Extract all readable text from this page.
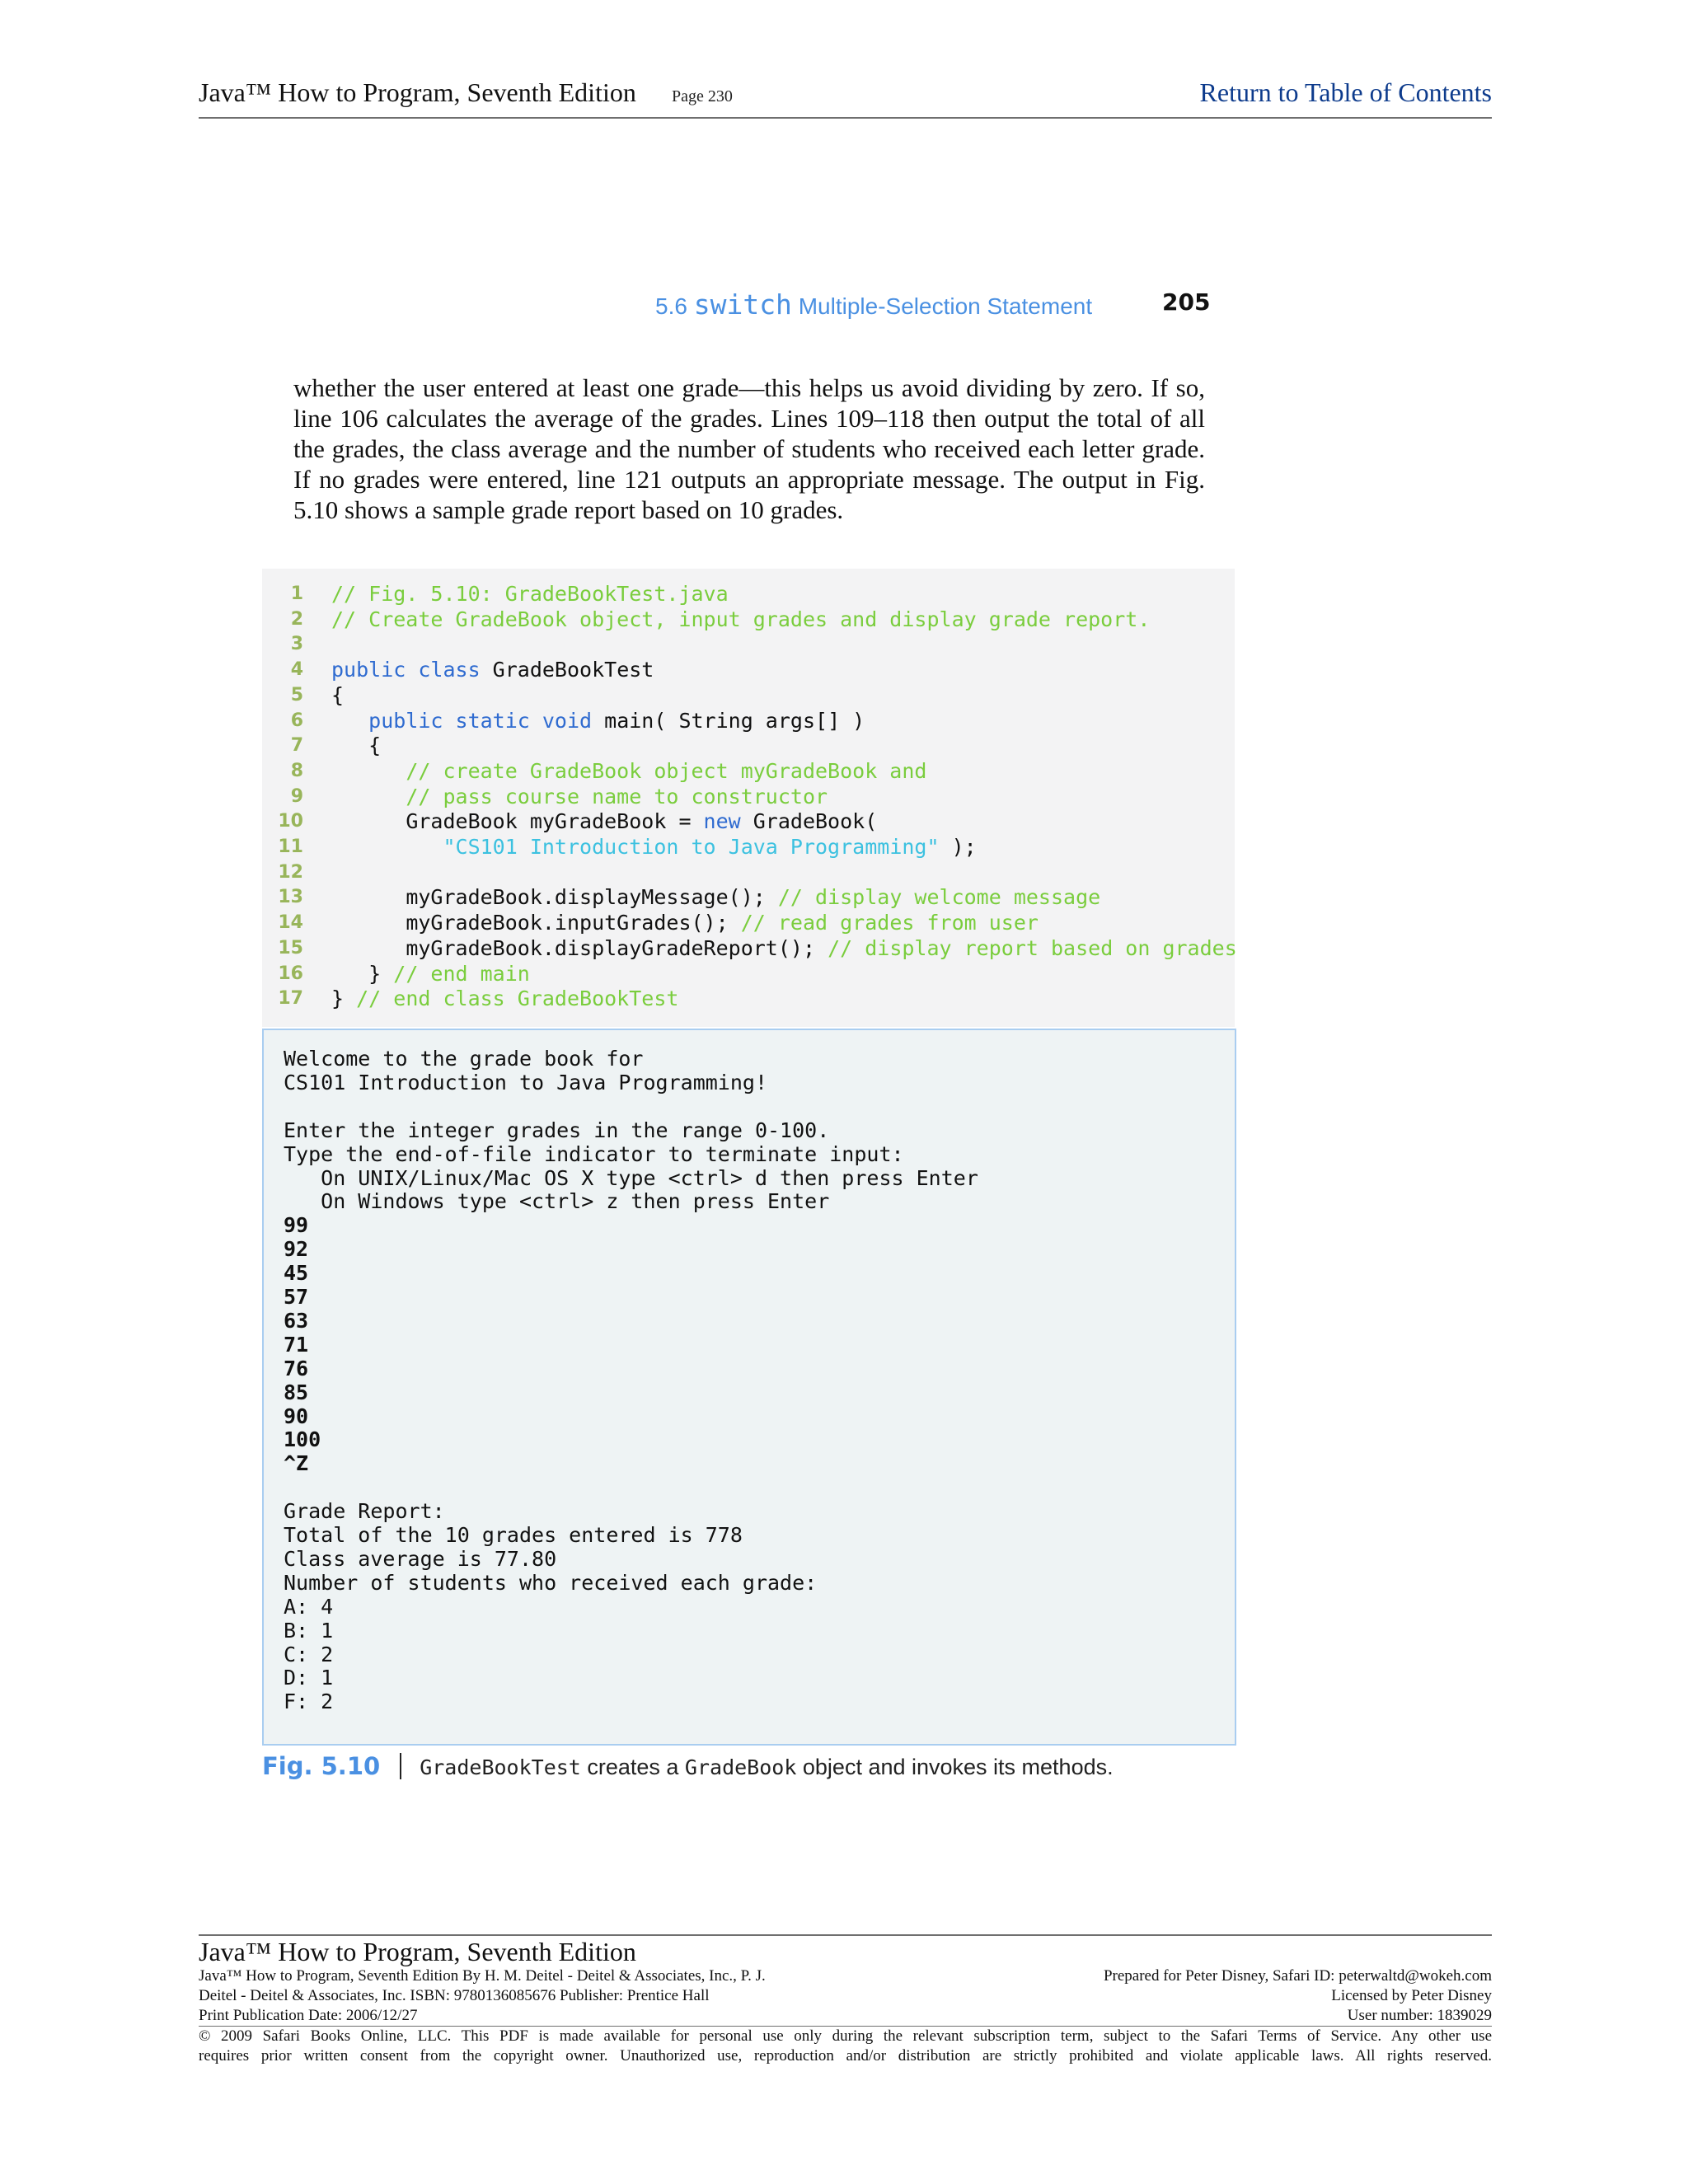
Java™ How to Program, Seventh Edition Page 230	Return to Table of Contents
5.6 switch Multiple-Selection Statement	205
whether the user entered at least one grade—this helps us avoid dividing by zero. If so, line 106 calculates the average of the grades. Lines 109–118 then output the total of all the grades, the class average and the number of students who received each letter grade. If no grades were entered, line 121 outputs an appropriate message. The output in Fig. 5.10 shows a sample grade report based on 10 grades.
1 // Fig. 5.10: GradeBookTest.java
2 // Create GradeBook object, input grades and display grade report.
3
4 public class GradeBookTest
5 {
6	public static void main( String args[] )
7	{
8	// create GradeBook object myGradeBook and
9	// pass course name to constructor
10	GradeBook myGradeBook = new GradeBook(
11	"CS101 Introduction to Java Programming" );
12
13	myGradeBook.displayMessage(); // display welcome message
14	myGradeBook.inputGrades(); // read grades from user
15	myGradeBook.displayGradeReport(); // display report based on grades
16	} // end main
17 } // end class GradeBookTest
Welcome to the grade book for
CS101 Introduction to Java Programming!
Enter the integer grades in the range 0-100.
Type the end-of-file indicator to terminate input:
On UNIX/Linux/Mac OS X type <ctrl> d then press Enter
On Windows type <ctrl> z then press Enter
99
92
45
57
63
71
76
85
90
100
^Z
Grade Report:
Total of the 10 grades entered is 778
Class average is 77.80
Number of students who received each grade:
A: 4
B: 1
C: 2
D: 1
F: 2
Fig. 5.10 GradeBookTest creates a GradeBook object and invokes its methods.
Java™ How to Program, Seventh Edition
Java™ How to Program, Seventh Edition By H. M. Deitel - Deitel & Associates, Inc., P. J.
Deitel - Deitel & Associates, Inc. ISBN: 9780136085676 Publisher: Prentice Hall
Print Publication Date: 2006/12/27
Prepared for Peter Disney, Safari ID: peterwaltd@wokeh.com
Licensed by Peter Disney
User number: 1839029
© 2009 Safari Books Online, LLC. This PDF is made available for personal use only during the relevant subscription term, subject to the Safari Terms of Service. Any other use
requires prior written consent from the copyright owner. Unauthorized use, reproduction and/or distribution are strictly prohibited and violate applicable laws. All rights reserved.
